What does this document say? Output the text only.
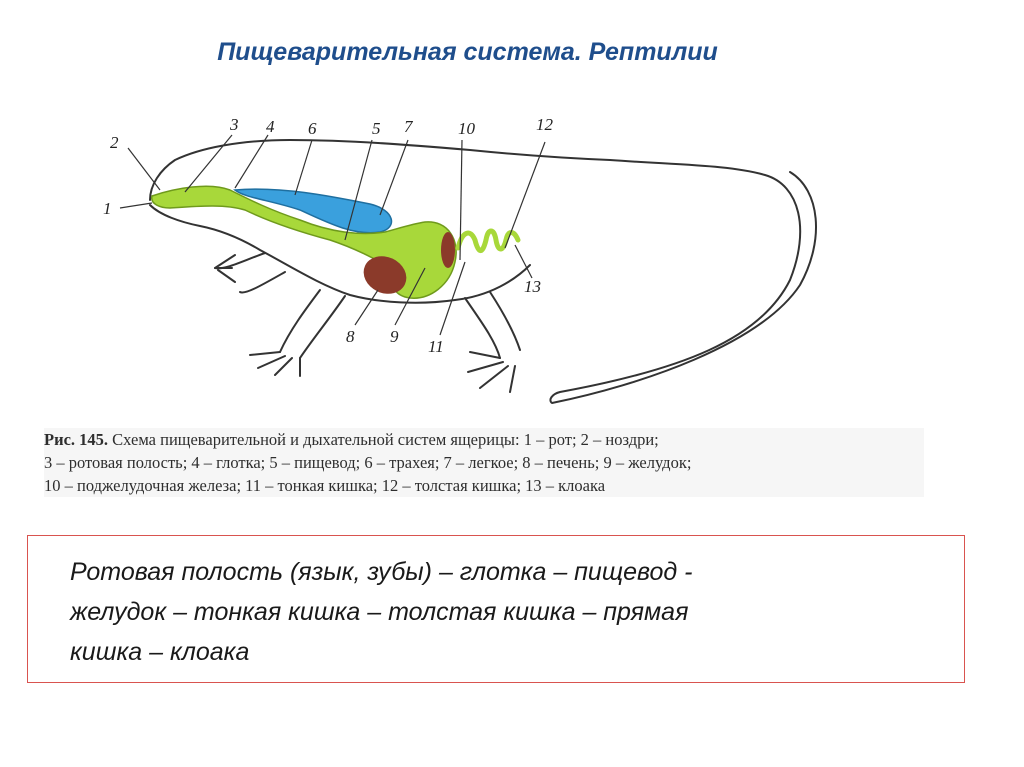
Пищеварительная система. Рептилии
1
2
3 4 6	5 7	10	12
13
8 9
11
Рис. 145. Схема пищеварительной и дыхательной систем ящерицы: 1 – рот; 2 – ноздри;
3 – ротовая полость; 4 – глотка; 5 – пищевод; 6 – трахея; 7 – легкое; 8 – печень; 9 – желудок;
10 – поджелудочная железа; 11 – тонкая кишка; 12 – толстая кишка; 13 – клоака
Ротовая полость (язык, зубы) – глотка – пищевод -
желудок – тонкая кишка – толстая кишка – прямая
кишка – клоака
